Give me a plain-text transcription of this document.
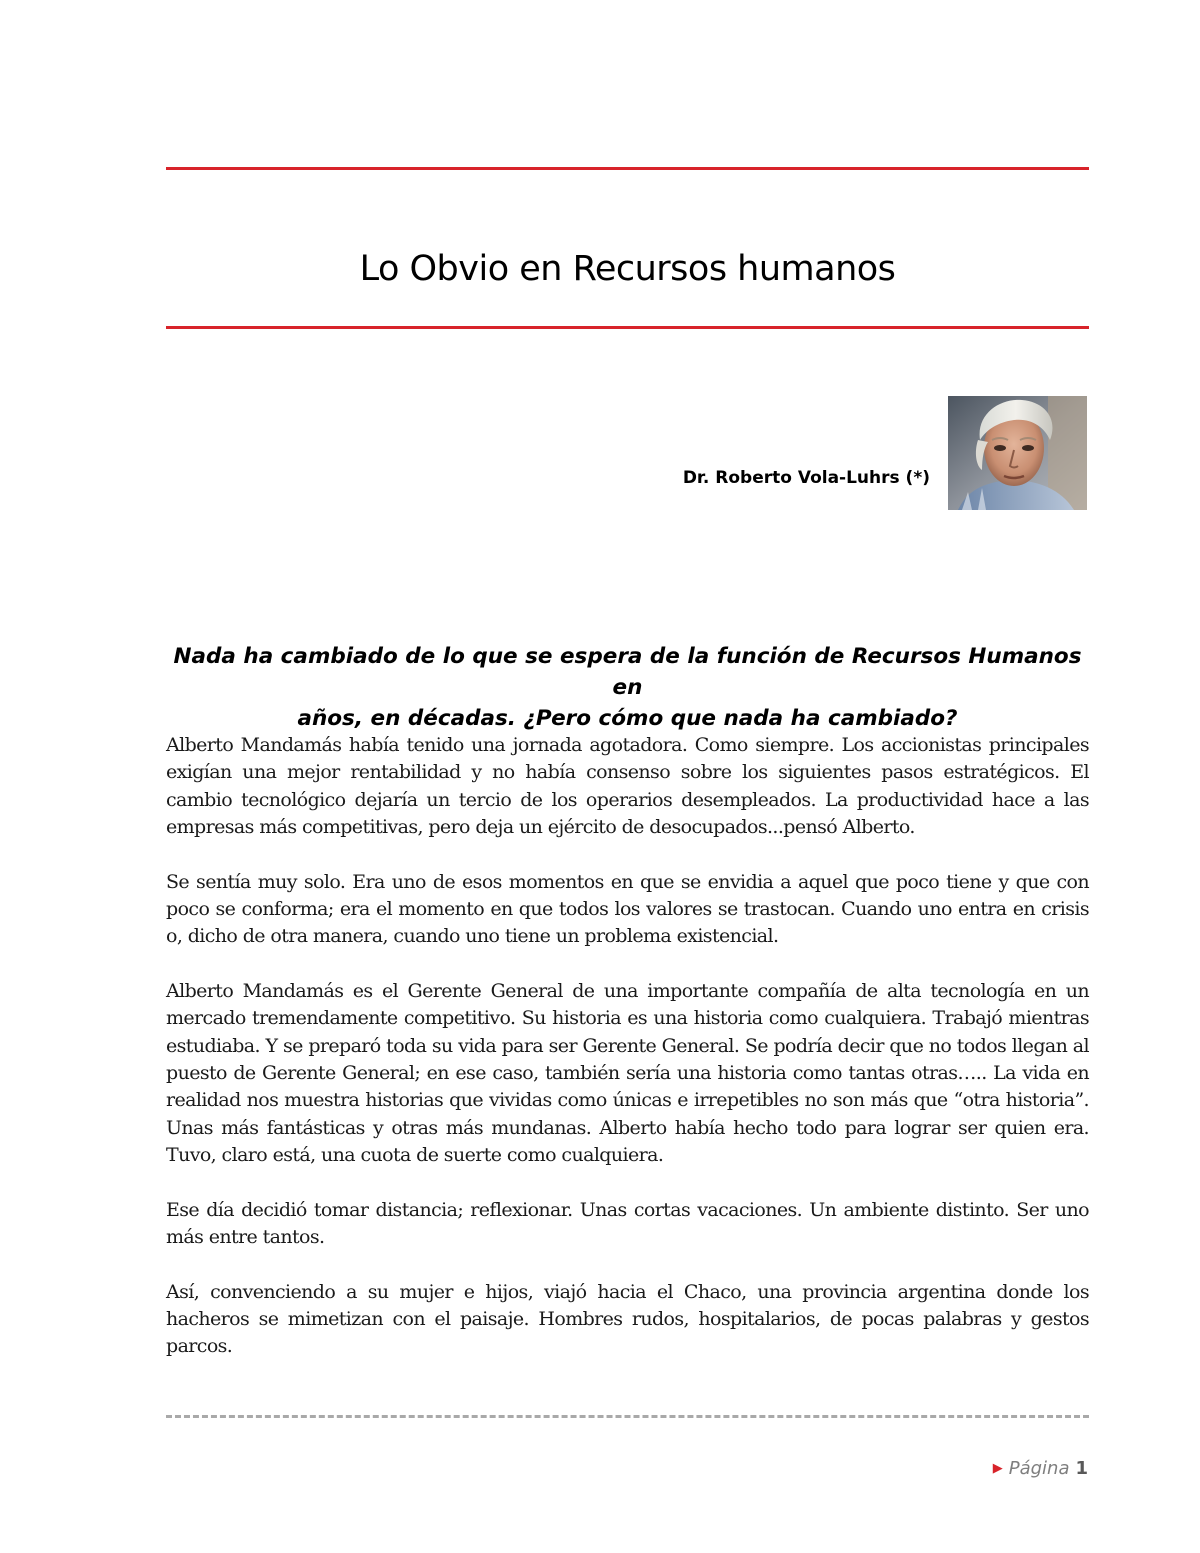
Lo Obvio en Recursos humanos
Dr. Roberto Vola-Luhrs (*)
Nada ha cambiado de lo que se espera de la función de Recursos Humanos en
años, en décadas. ¿Pero cómo que nada ha cambiado?

Alberto Mandamás había tenido una jornada agotadora. Como siempre. Los accionistas principales exigían una mejor rentabilidad y no había consenso sobre los siguientes pasos estratégicos. El cambio tecnológico dejaría un tercio de los operarios desempleados. La productividad hace a las empresas más competitivas, pero deja un ejército de desocupados...pensó Alberto.

Se sentía muy solo. Era uno de esos momentos en que se envidia a aquel que poco tiene y que con poco se conforma; era el momento en que todos los valores se trastocan. Cuando uno entra en crisis o, dicho de otra manera, cuando uno tiene un problema existencial.

Alberto Mandamás es el Gerente General de una importante compañía de alta tecnología en un mercado tremendamente competitivo. Su historia es una historia como cualquiera. Trabajó mientras estudiaba. Y se preparó toda su vida para ser Gerente General. Se podría decir que no todos llegan al puesto de Gerente General; en ese caso, también sería una historia como tantas otras….. La vida en realidad nos muestra historias que vividas como únicas e irrepetibles no son más que “otra historia”. Unas más fantásticas y otras más mundanas. Alberto había hecho todo para lograr ser quien era. Tuvo, claro está, una cuota de suerte como cualquiera.

Ese día decidió tomar distancia; reflexionar. Unas cortas vacaciones. Un ambiente distinto. Ser uno más entre tantos.

Así, convenciendo a su mujer e hijos, viajó hacia el Chaco, una provincia argentina donde los hacheros se mimetizan con el paisaje. Hombres rudos, hospitalarios, de pocas palabras y gestos parcos.

▶ Página 1
